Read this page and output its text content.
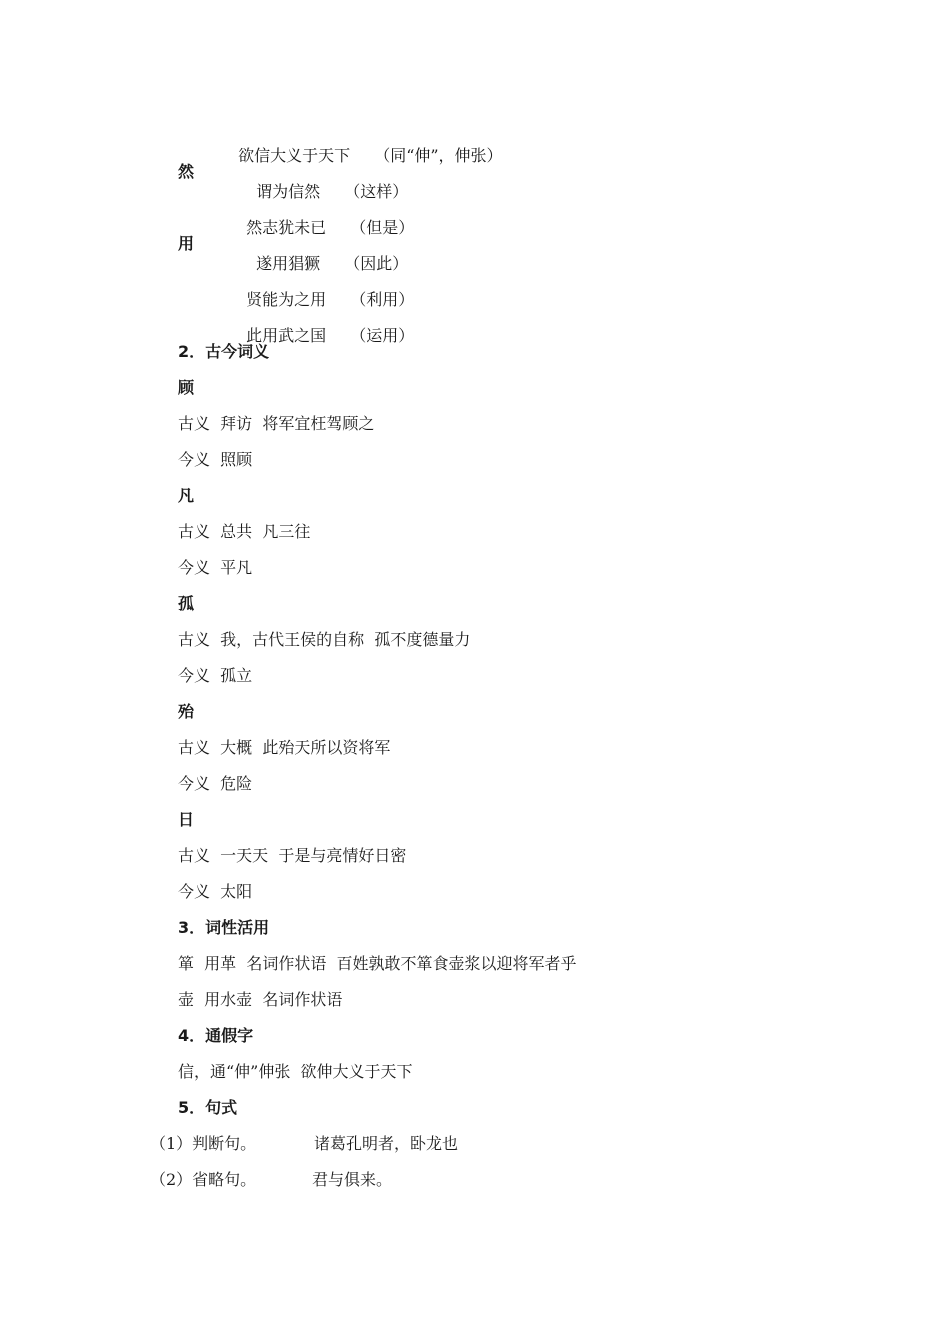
欲信大义于天下 （同“伸”，伸张）

然

谓为信然 （这样）

然志犹未已 （但是）

用

遂用猖獗 （因此）

贤能为之用 （利用）

此用武之国 （运用）

2．古今词义
顾
古义  拜访  将军宜枉驾顾之
今义  照顾
凡
古义  总共  凡三往
今义  平凡
孤
古义  我，古代王侯的自称  孤不度德量力
今义  孤立
殆
古义  大概  此殆天所以资将军
今义  危险
日
古义  一天天  于是与亮情好日密
今义  太阳
3．词性活用
箪  用革  名词作状语  百姓孰敢不箪食壶浆以迎将军者乎
壶  用水壶  名词作状语
4．通假字
信，通“伸”伸张  欲伸大义于天下
5．句式
（1）判断句。	诸葛孔明者，卧龙也
（2）省略句。	君与俱来。
